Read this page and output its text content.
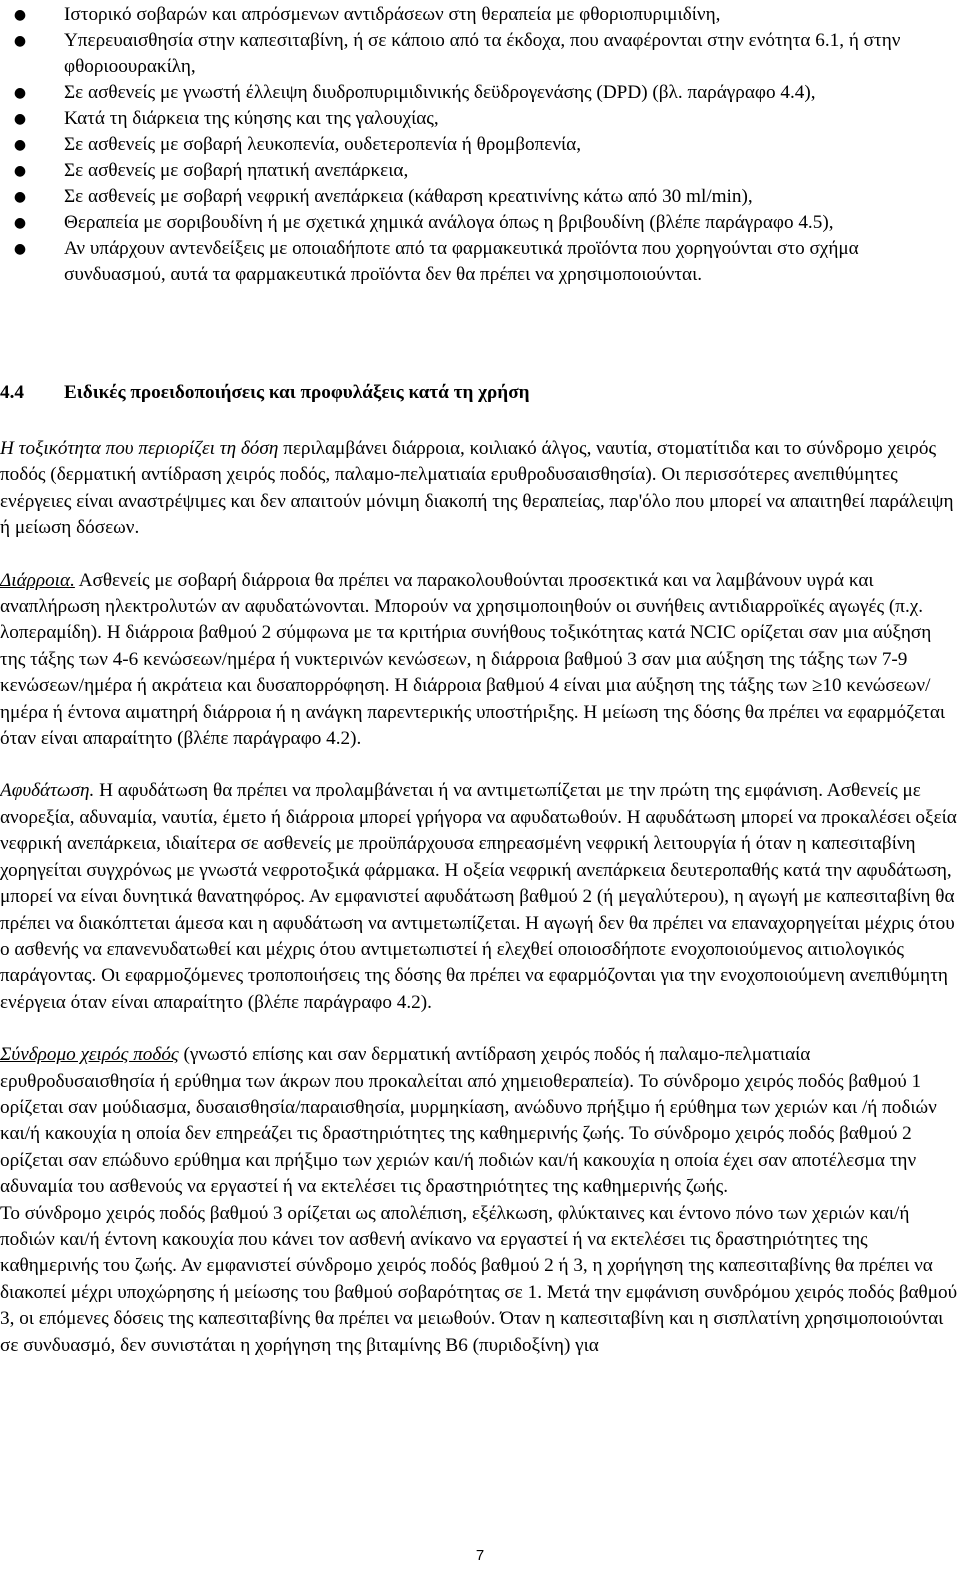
● Ιστορικό σοβαρών και απρόσμενων αντιδράσεων στη θεραπεία με φθοριοπυριμιδίνη,
● Υπερευαισθησία στην καπεσιταβίνη, ή σε κάποιο από τα έκδοχα, που αναφέρονται στην ενότητα 6.1, ή στην φθοριοουρακίλη,
● Σε ασθενείς με γνωστή έλλειψη διυδροπυριμιδινικής δεϋδρογενάσης (DPD) (βλ. παράγραφο 4.4),
● Κατά τη διάρκεια της κύησης και της γαλουχίας,
● Σε ασθενείς με σοβαρή λευκοπενία, ουδετεροπενία ή θρομβοπενία,
● Σε ασθενείς με σοβαρή ηπατική ανεπάρκεια,
● Σε ασθενείς με σοβαρή νεφρική ανεπάρκεια (κάθαρση κρεατινίνης κάτω από 30 ml/min),
● Θεραπεία με σοριβουδίνη ή με σχετικά χημικά ανάλογα όπως η βριβουδίνη (βλέπε παράγραφο 4.5),
● Αν υπάρχουν αντενδείξεις με οποιαδήποτε από τα φαρμακευτικά προϊόντα που χορηγούνται στο σχήμα συνδυασμού, αυτά τα φαρμακευτικά προϊόντα δεν θα πρέπει να χρησιμοποιούνται.
4.4 Ειδικές προειδοποιήσεις και προφυλάξεις κατά τη χρήση

Η τοξικότητα που περιορίζει τη δόση περιλαμβάνει διάρροια, κοιλιακό άλγος, ναυτία, στοματίτιδα και το σύνδρομο χειρός ποδός (δερματική αντίδραση χειρός ποδός, παλαμο-πελματιαία ερυθροδυσαισθησία). Οι περισσότερες ανεπιθύμητες ενέργειες είναι αναστρέψιμες και δεν απαιτούν μόνιμη διακοπή της θεραπείας, παρ'όλο που μπορεί να απαιτηθεί παράλειψη ή μείωση δόσεων.

Διάρροια. Ασθενείς με σοβαρή διάρροια θα πρέπει να παρακολουθούνται προσεκτικά και να λαμβάνουν υγρά και αναπλήρωση ηλεκτρολυτών αν αφυδατώνονται. Μπορούν να χρησιμοποιηθούν οι συνήθεις αντιδιαρροϊκές αγωγές (π.χ. λοπεραμίδη). Η διάρροια βαθμού 2 σύμφωνα με τα κριτήρια συνήθους τοξικότητας κατά NCIC ορίζεται σαν μια αύξηση της τάξης των 4-6 κενώσεων/ημέρα ή νυκτερινών κενώσεων, η διάρροια βαθμού 3 σαν μια αύξηση της τάξης των 7-9 κενώσεων/ημέρα ή ακράτεια και δυσαπορρόφηση. Η διάρροια βαθμού 4 είναι μια αύξηση της τάξης των ≥10 κενώσεων/ημέρα ή έντονα αιματηρή διάρροια ή η ανάγκη παρεντερικής υποστήριξης. Η μείωση της δόσης θα πρέπει να εφαρμόζεται όταν είναι απαραίτητο (βλέπε παράγραφο 4.2).

Αφυδάτωση. Η αφυδάτωση θα πρέπει να προλαμβάνεται ή να αντιμετωπίζεται με την πρώτη της εμφάνιση. Ασθενείς με ανορεξία, αδυναμία, ναυτία, έμετο ή διάρροια μπορεί γρήγορα να αφυδατωθούν. Η αφυδάτωση μπορεί να προκαλέσει οξεία νεφρική ανεπάρκεια, ιδιαίτερα σε ασθενείς με προϋπάρχουσα επηρεασμένη νεφρική λειτουργία ή όταν η καπεσιταβίνη χορηγείται συγχρόνως με γνωστά νεφροτοξικά φάρμακα. Η οξεία νεφρική ανεπάρκεια δευτεροπαθής κατά την αφυδάτωση, μπορεί να είναι δυνητικά θανατηφόρος. Αν εμφανιστεί αφυδάτωση βαθμού 2 (ή μεγαλύτερου), η αγωγή με καπεσιταβίνη θα πρέπει να διακόπτεται άμεσα και η αφυδάτωση να αντιμετωπίζεται. Η αγωγή δεν θα πρέπει να επαναχορηγείται μέχρις ότου ο ασθενής να επανενυδατωθεί και μέχρις ότου αντιμετωπιστεί ή ελεχθεί οποιοσδήποτε ενοχοποιούμενος αιτιολογικός παράγοντας. Οι εφαρμοζόμενες τροποποιήσεις της δόσης θα πρέπει να εφαρμόζονται για την ενοχοποιούμενη ανεπιθύμητη ενέργεια όταν είναι απαραίτητο (βλέπε παράγραφο 4.2).

Σύνδρομο χειρός ποδός (γνωστό επίσης και σαν δερματική αντίδραση χειρός ποδός ή παλαμο-πελματιαία ερυθροδυσαισθησία ή ερύθημα των άκρων που προκαλείται από χημειοθεραπεία). Το σύνδρομο χειρός ποδός βαθμού 1 ορίζεται σαν μούδιασμα, δυσαισθησία/παραισθησία, μυρμηκίαση, ανώδυνο πρήξιμο ή ερύθημα των χεριών και /ή ποδιών και/ή κακουχία η οποία δεν επηρεάζει τις δραστηριότητες της καθημερινής ζωής. Το σύνδρομο χειρός ποδός βαθμού 2 ορίζεται σαν επώδυνο ερύθημα και πρήξιμο των χεριών και/ή ποδιών και/ή κακουχία η οποία έχει σαν αποτέλεσμα την αδυναμία του ασθενούς να εργαστεί ή να εκτελέσει τις δραστηριότητες της καθημερινής ζωής.

Το σύνδρομο χειρός ποδός βαθμού 3 ορίζεται ως απολέπιση, εξέλκωση, φλύκταινες και έντονο πόνο των χεριών και/ή ποδιών και/ή έντονη κακουχία που κάνει τον ασθενή ανίκανο να εργαστεί ή να εκτελέσει τις δραστηριότητες της καθημερινής του ζωής. Αν εμφανιστεί σύνδρομο χειρός ποδός βαθμού 2 ή 3, η χορήγηση της καπεσιταβίνης θα πρέπει να διακοπεί μέχρι υποχώρησης ή μείωσης του βαθμού σοβαρότητας σε 1. Μετά την εμφάνιση συνδρόμου χειρός ποδός βαθμού 3, οι επόμενες δόσεις της καπεσιταβίνης θα πρέπει να μειωθούν. Όταν η καπεσιταβίνη και η σισπλατίνη χρησιμοποιούνται σε συνδυασμό, δεν συνιστάται η χορήγηση της βιταμίνης Β6 (πυριδοξίνη) για

7
